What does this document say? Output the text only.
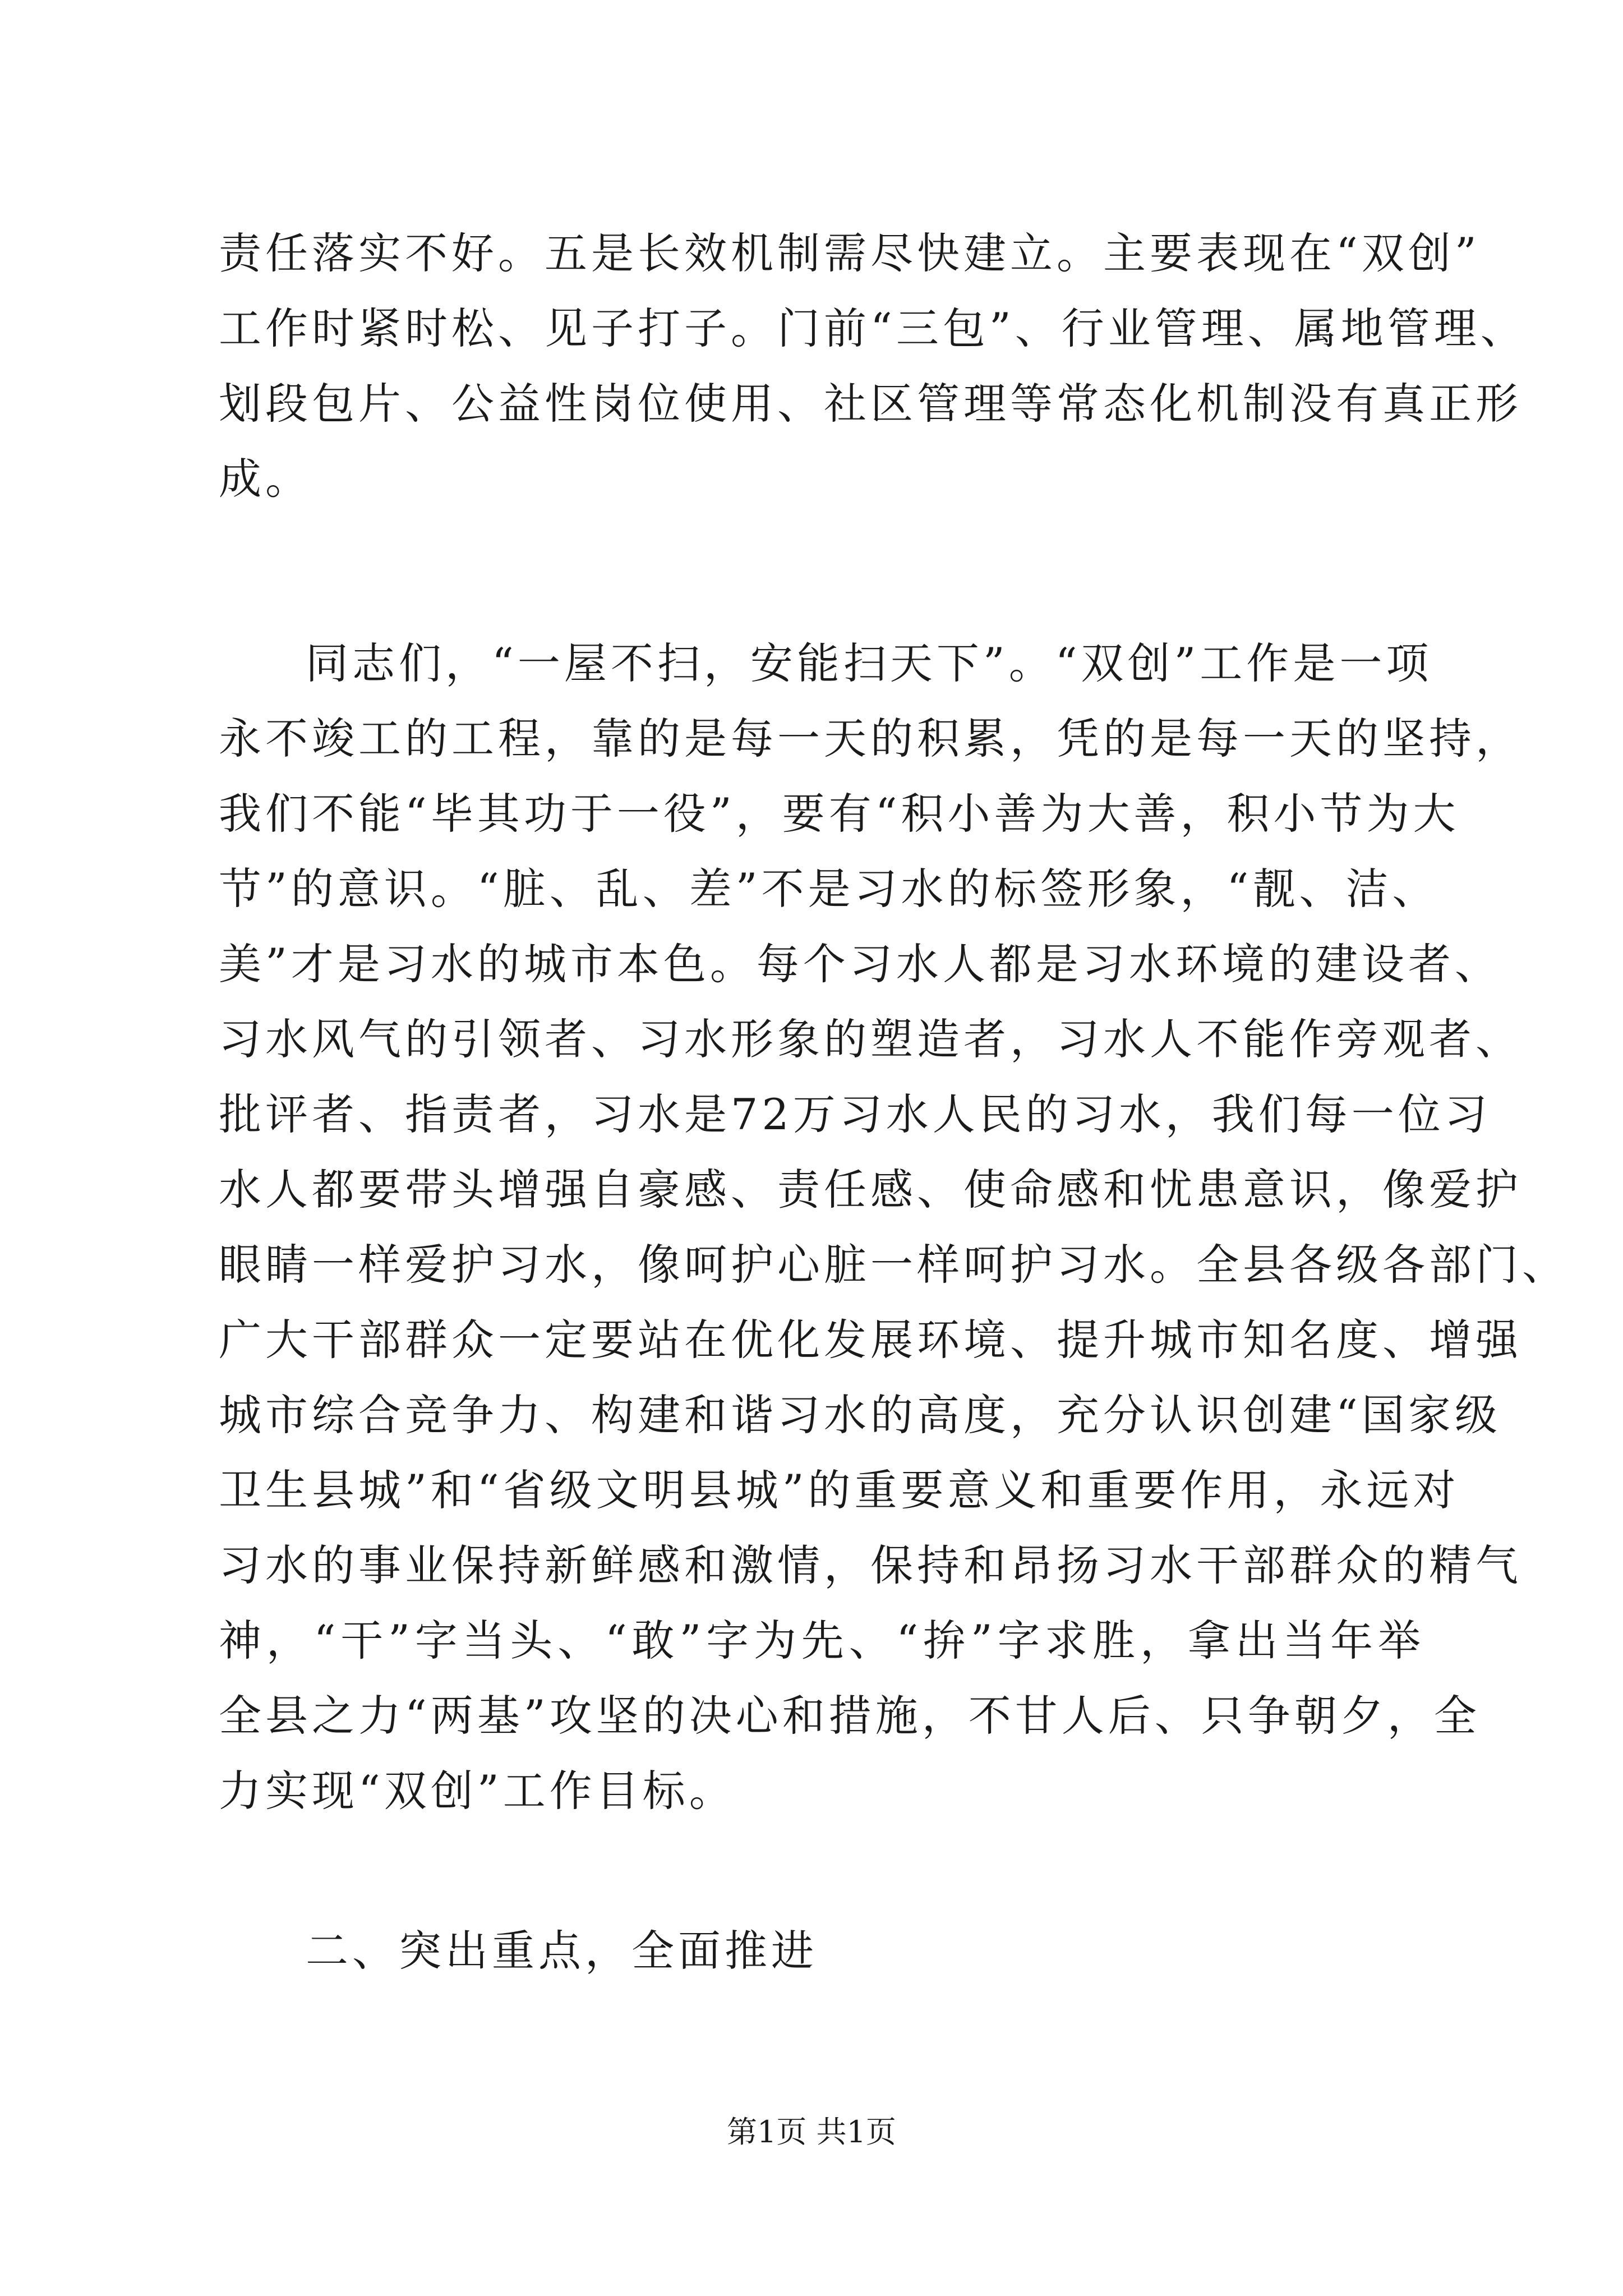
责任落实不好。五是长效机制需尽快建立。主要表现在“双创”
工作时紧时松、见子打子。门前“三包”、行业管理、属地管理、
划段包片、公益性岗位使用、社区管理等常态化机制没有真正形
成。
同志们，“一屋不扫，安能扫天下”。“双创”工作是一项
永不竣工的工程，靠的是每一天的积累，凭的是每一天的坚持，
我们不能“毕其功于一役”，要有“积小善为大善，积小节为大
节”的意识。“脏、乱、差”不是习水的标签形象，“靓、洁、
美”才是习水的城市本色。每个习水人都是习水环境的建设者、
习水风气的引领者、习水形象的塑造者，习水人不能作旁观者、
批评者、指责者，习水是72万习水人民的习水，我们每一位习
水人都要带头增强自豪感、责任感、使命感和忧患意识，像爱护
眼睛一样爱护习水，像呵护心脏一样呵护习水。全县各级各部门、
广大干部群众一定要站在优化发展环境、提升城市知名度、增强
城市综合竞争力、构建和谐习水的高度，充分认识创建“国家级
卫生县城”和“省级文明县城”的重要意义和重要作用，永远对
习水的事业保持新鲜感和激情，保持和昂扬习水干部群众的精气
神，“干”字当头、“敢”字为先、“拚”字求胜，拿出当年举
全县之力“两基”攻坚的决心和措施，不甘人后、只争朝夕，全
力实现“双创”工作目标。
二、突出重点，全面推进
第1页 共1页
